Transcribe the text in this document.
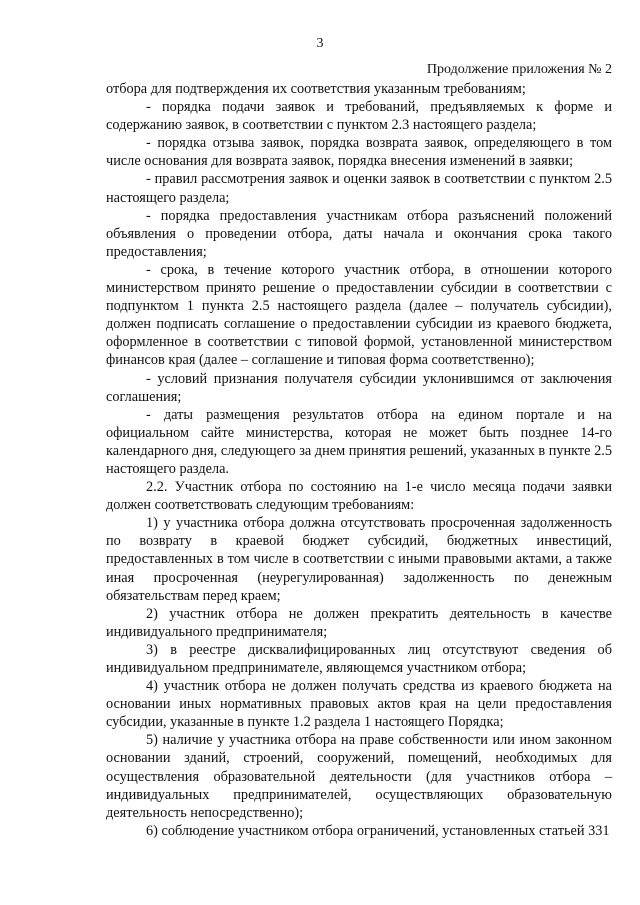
3
Продолжение приложения № 2

отбора для подтверждения их соответствия указанным требованиям;

- порядка подачи заявок и требований, предъявляемых к форме и содержанию заявок, в соответствии с пунктом 2.3 настоящего раздела;

- порядка отзыва заявок, порядка возврата заявок, определяющего в том числе основания для возврата заявок, порядка внесения изменений в заявки;

- правил рассмотрения заявок и оценки заявок в соответствии с пунктом 2.5 настоящего раздела;

- порядка предоставления участникам отбора разъяснений положений объявления о проведении отбора, даты начала и окончания срока такого предоставления;

- срока, в течение которого участник отбора, в отношении которого министерством принято решение о предоставлении субсидии в соответствии с подпунктом 1 пункта 2.5 настоящего раздела (далее – получатель субсидии), должен подписать соглашение о предоставлении субсидии из краевого бюджета, оформленное в соответствии с типовой формой, установленной министерством финансов края (далее – соглашение и типовая форма соответственно);

- условий признания получателя субсидии уклонившимся от заключения соглашения;

- даты размещения результатов отбора на едином портале и на официальном сайте министерства, которая не может быть позднее 14-го календарного дня, следующего за днем принятия решений, указанных в пункте 2.5 настоящего раздела.

2.2. Участник отбора по состоянию на 1-е число месяца подачи заявки должен соответствовать следующим требованиям:

1) у участника отбора должна отсутствовать просроченная задолженность по возврату в краевой бюджет субсидий, бюджетных инвестиций, предоставленных в том числе в соответствии с иными правовыми актами, а также иная просроченная (неурегулированная) задолженность по денежным обязательствам перед краем;

2) участник отбора не должен прекратить деятельность в качестве индивидуального предпринимателя;

3) в реестре дисквалифицированных лиц отсутствуют сведения об индивидуальном предпринимателе, являющемся участником отбора;

4) участник отбора не должен получать средства из краевого бюджета на основании иных нормативных правовых актов края на цели предоставления субсидии, указанные в пункте 1.2 раздела 1 настоящего Порядка;

5) наличие у участника отбора на праве собственности или ином законном основании зданий, строений, сооружений, помещений, необходимых для осуществления образовательной деятельности (для участников отбора – индивидуальных предпринимателей, осуществляющих образовательную деятельность непосредственно);

6) соблюдение участником отбора ограничений, установленных статьей 331
